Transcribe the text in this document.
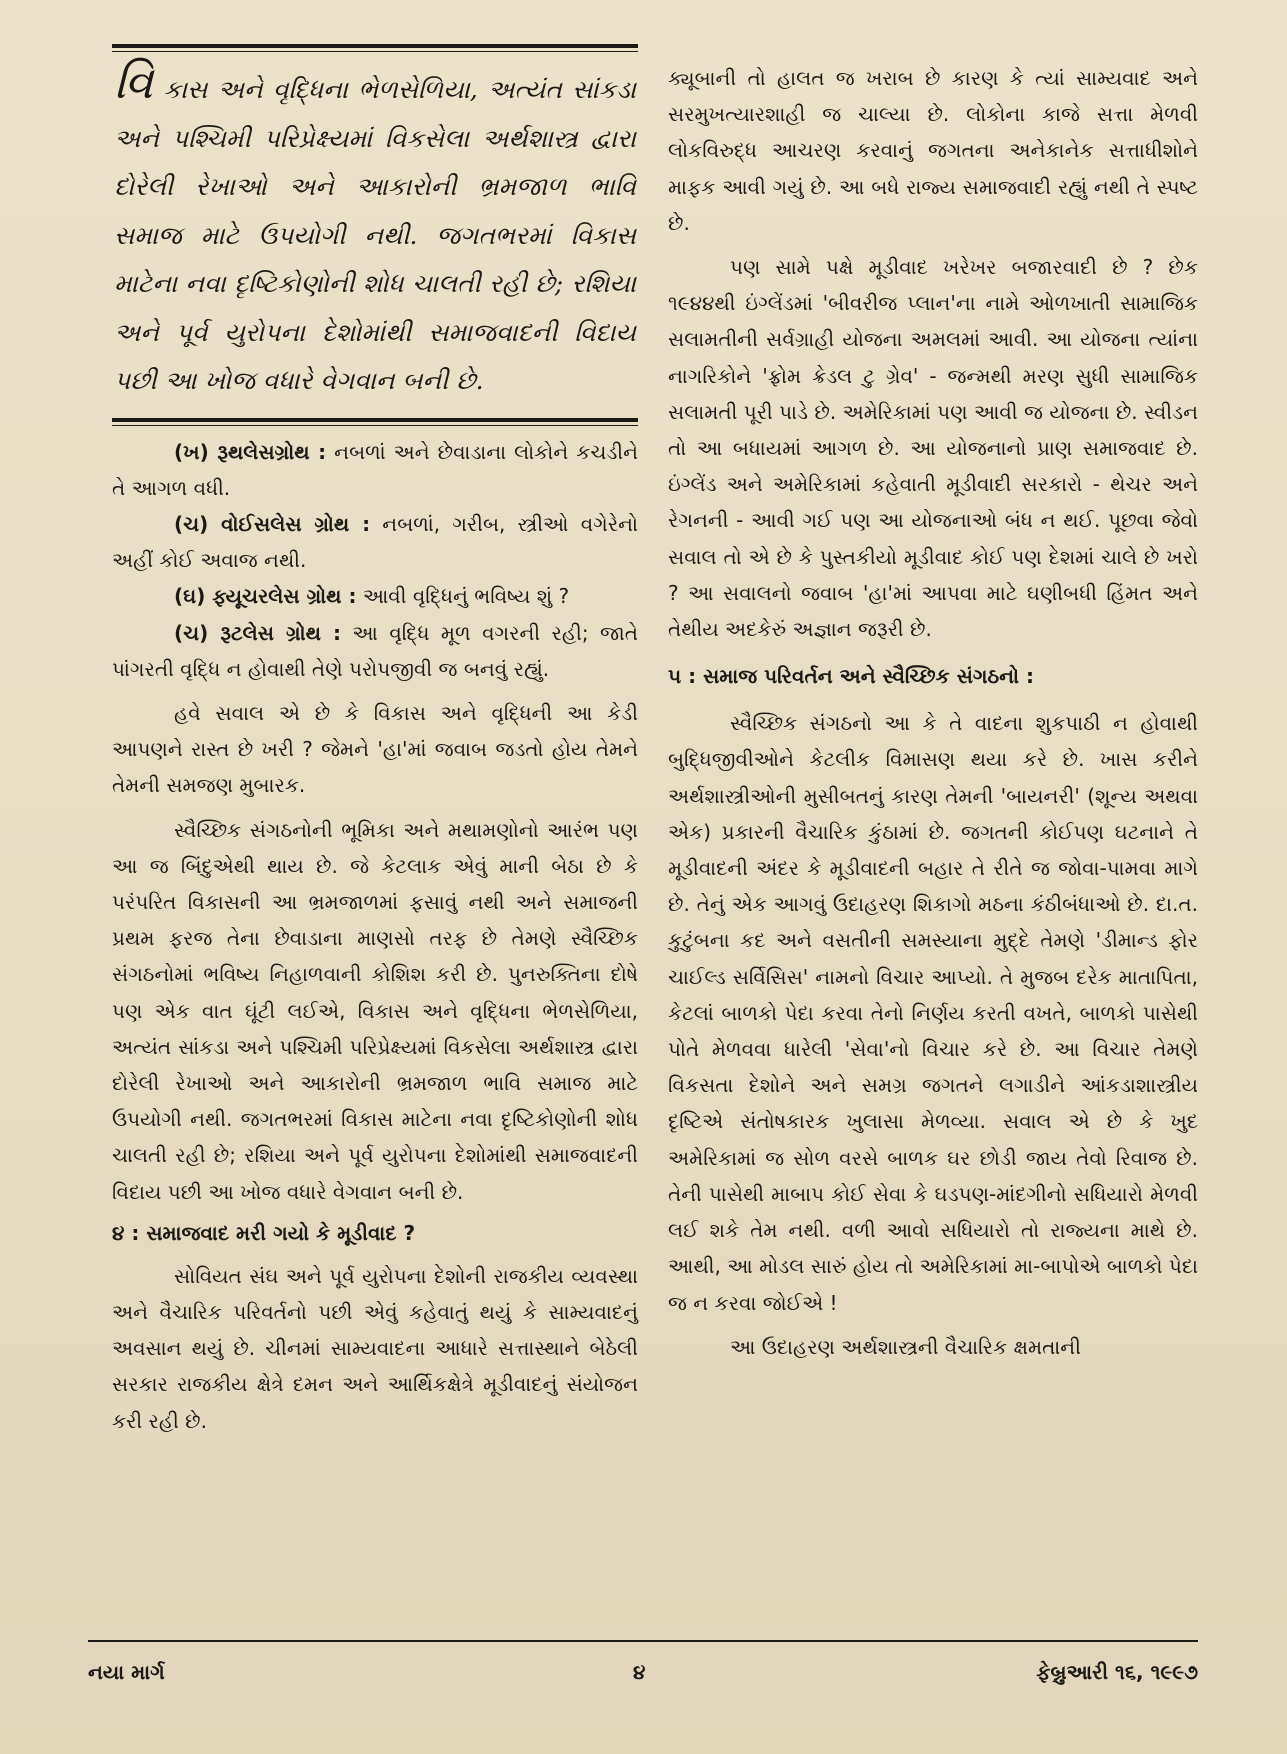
વિ કાસ અને વૃદ્ધિના ભેળસેળિયા, અત્યંત સાંકડા અને પશ્ચિમી પરિપ્રેક્ષ્યમાં વિકસેલા અર્થશાસ્ત્ર દ્વારા દોરેલી રેખાઓ અને આકારોની ભ્રમજાળ ભાવિ સમાજ માટે ઉપયોગી નથી. જગતભરમાં વિકાસ માટેના નવા દૃષ્ટિકોણોની શોધ ચાલતી રહી છે; રશિયા અને પૂર્વ યુરોપના દેશોમાંથી સમાજવાદની વિદાય પછી આ ખોજ વધારે વેગવાન બની છે.

(ખ) રૂથલેસગ્રોથ : નબળાં અને છેવાડાના લોકોને કચડીને તે આગળ વધી.

(ચ) વોઈસલેસ ગ્રોથ : નબળાં, ગરીબ, સ્ત્રીઓ વગેરેનો અહીં કોઈ અવાજ નથી.

(ઘ) ફ્યૂચરલેસ ગ્રોથ : આવી વૃદ્ધિનું ભવિષ્ય શું ?

(ચ) રૂટલેસ ગ્રોથ : આ વૃદ્ધિ મૂળ વગરની રહી; જાતે પાંગરતી વૃદ્ધિ ન હોવાથી તેણે પરોપજીવી જ બનવું રહ્યું.

હવે સવાલ એ છે કે વિકાસ અને વૃદ્ધિની આ કેડી આપણને રાસ્ત છે ખરી ? જેમને 'હા'માં જવાબ જડતો હોય તેમને તેમની સમજણ મુબારક.

સ્વૈચ્છિક સંગઠનોની ભૂમિકા અને મથામણોનો આરંભ પણ આ જ બિંદુએથી થાય છે. જે કેટલાક એવું માની બેઠા છે કે પરંપરિત વિકાસની આ ભ્રમજાળમાં ફસાવું નથી અને સમાજની પ્રથમ ફરજ તેના છેવાડાના માણસો તરફ છે તેમણે સ્વૈચ્છિક સંગઠનોમાં ભવિષ્ય નિહાળવાની કોશિશ કરી છે. પુનરુક્તિના દોષે પણ એક વાત ઘૂંટી લઈએ, વિકાસ અને વૃદ્ધિના ભેળસેળિયા, અત્યંત સાંકડા અને પશ્ચિમી પરિપ્રેક્ષ્યમાં વિકસેલા અર્થશાસ્ત્ર દ્વારા દોરેલી રેખાઓ અને આકારોની ભ્રમજાળ ભાવિ સમાજ માટે ઉપયોગી નથી. જગતભરમાં વિકાસ માટેના નવા દૃષ્ટિકોણોની શોધ ચાલતી રહી છે; રશિયા અને પૂર્વ યુરોપના દેશોમાંથી સમાજવાદની વિદાય પછી આ ખોજ વધારે વેગવાન બની છે.

૪ : સમાજવાદ મરી ગયો કે મૂડીવાદ ?

સોવિયત સંઘ અને પૂર્વ યુરોપના દેશોની રાજકીય વ્યવસ્થા અને વૈચારિક પરિવર્તનો પછી એવું કહેવાતું થયું કે સામ્યવાદનું અવસાન થયું છે. ચીનમાં સામ્યવાદના આધારે સત્તાસ્થાને બેઠેલી સરકાર રાજકીય ક્ષેત્રે દમન અને આર્થિકક્ષેત્રે મૂડીવાદનું સંયોજન કરી રહી છે.

ક્યૂબાની તો હાલત જ ખરાબ છે કારણ કે ત્યાં સામ્યવાદ અને સરમુખત્યારશાહી જ ચાલ્યા છે. લોકોના કાજે સત્તા મેળવી લોકવિરુદ્ધ આચરણ કરવાનું જગતના અનેકાનેક સત્તાધીશોને માફક આવી ગયું છે. આ બધે રાજ્ય સમાજવાદી રહ્યું નથી તે સ્પષ્ટ છે.

પણ સામે પક્ષે મૂડીવાદ ખરેખર બજારવાદી છે ? છેક ૧૯૪૪થી ઇંગ્લેંડમાં 'બીવરીજ પ્લાન'ના નામે ઓળખાતી સામાજિક સલામતીની સર્વગ્રાહી યોજના અમલમાં આવી. આ યોજના ત્યાંના નાગરિકોને 'ફ્રોમ ક્રેડલ ટુ ગ્રેવ' - જન્મથી મરણ સુધી સામાજિક સલામતી પૂરી પાડે છે. અમેરિકામાં પણ આવી જ યોજના છે. સ્વીડન તો આ બધાયમાં આગળ છે. આ યોજનાનો પ્રાણ સમાજવાદ છે. ઇંગ્લેંડ અને અમેરિકામાં કહેવાતી મૂડીવાદી સરકારો - થેચર અને રેગનની - આવી ગઈ પણ આ યોજનાઓ બંધ ન થઈ. પૂછવા જેવો સવાલ તો એ છે કે પુસ્તકીયો મૂડીવાદ કોઈ પણ દેશમાં ચાલે છે ખરો ? આ સવાલનો જવાબ 'હા'માં આપવા માટે ઘણીબધી હિંમત અને તેથીય અદકેરું અજ્ઞાન જરૂરી છે.

૫ : સમાજ પરિવર્તન અને સ્વૈચ્છિક સંગઠનો :

સ્વૈચ્છિક સંગઠનો આ કે તે વાદના શુકપાઠી ન હોવાથી બુદ્ધિજીવીઓને કેટલીક વિમાસણ થયા કરે છે. ખાસ કરીને અર્થશાસ્ત્રીઓની મુસીબતનું કારણ તેમની 'બાયનરી' (શૂન્ય અથવા એક) પ્રકારની વૈચારિક કુંઠામાં છે. જગતની કોઈપણ ઘટનાને તે મૂડીવાદની અંદર કે મૂડીવાદની બહાર તે રીતે જ જોવા-પામવા માગે છે. તેનું એક આગવું ઉદાહરણ શિકાગો મઠના કંઠીબંધાઓ છે. દા.ત. કુટુંબના કદ અને વસતીની સમસ્યાના મુદ્દે તેમણે 'ડીમાન્ડ ફોર ચાઈલ્ડ સર્વિસિસ' નામનો વિચાર આપ્યો. તે મુજબ દરેક માતાપિતા, કેટલાં બાળકો પેદા કરવા તેનો નિર્ણય કરતી વખતે, બાળકો પાસેથી પોતે મેળવવા ધારેલી 'સેવા'નો વિચાર કરે છે. આ વિચાર તેમણે વિકસતા દેશોને અને સમગ્ર જગતને લગાડીને આંકડાશાસ્ત્રીય દૃષ્ટિએ સંતોષકારક ખુલાસા મેળવ્યા. સવાલ એ છે કે ખુદ અમેરિકામાં જ સોળ વરસે બાળક ઘર છોડી જાય તેવો રિવાજ છે. તેની પાસેથી માબાપ કોઈ સેવા કે ઘડપણ-માંદગીનો સધિયારો મેળવી લઈ શકે તેમ નથી. વળી આવો સધિયારો તો રાજ્યના માથે છે. આથી, આ મોડલ સારું હોય તો અમેરિકામાં મા-બાપોએ બાળકો પેદા જ ન કરવા જોઈએ !

આ ઉદાહરણ અર્થશાસ્ત્રની વૈચારિક ક્ષમતાની

નયા માર્ગ	૪	ફેબ્રુઆરી ૧૬, ૧૯૯૭
